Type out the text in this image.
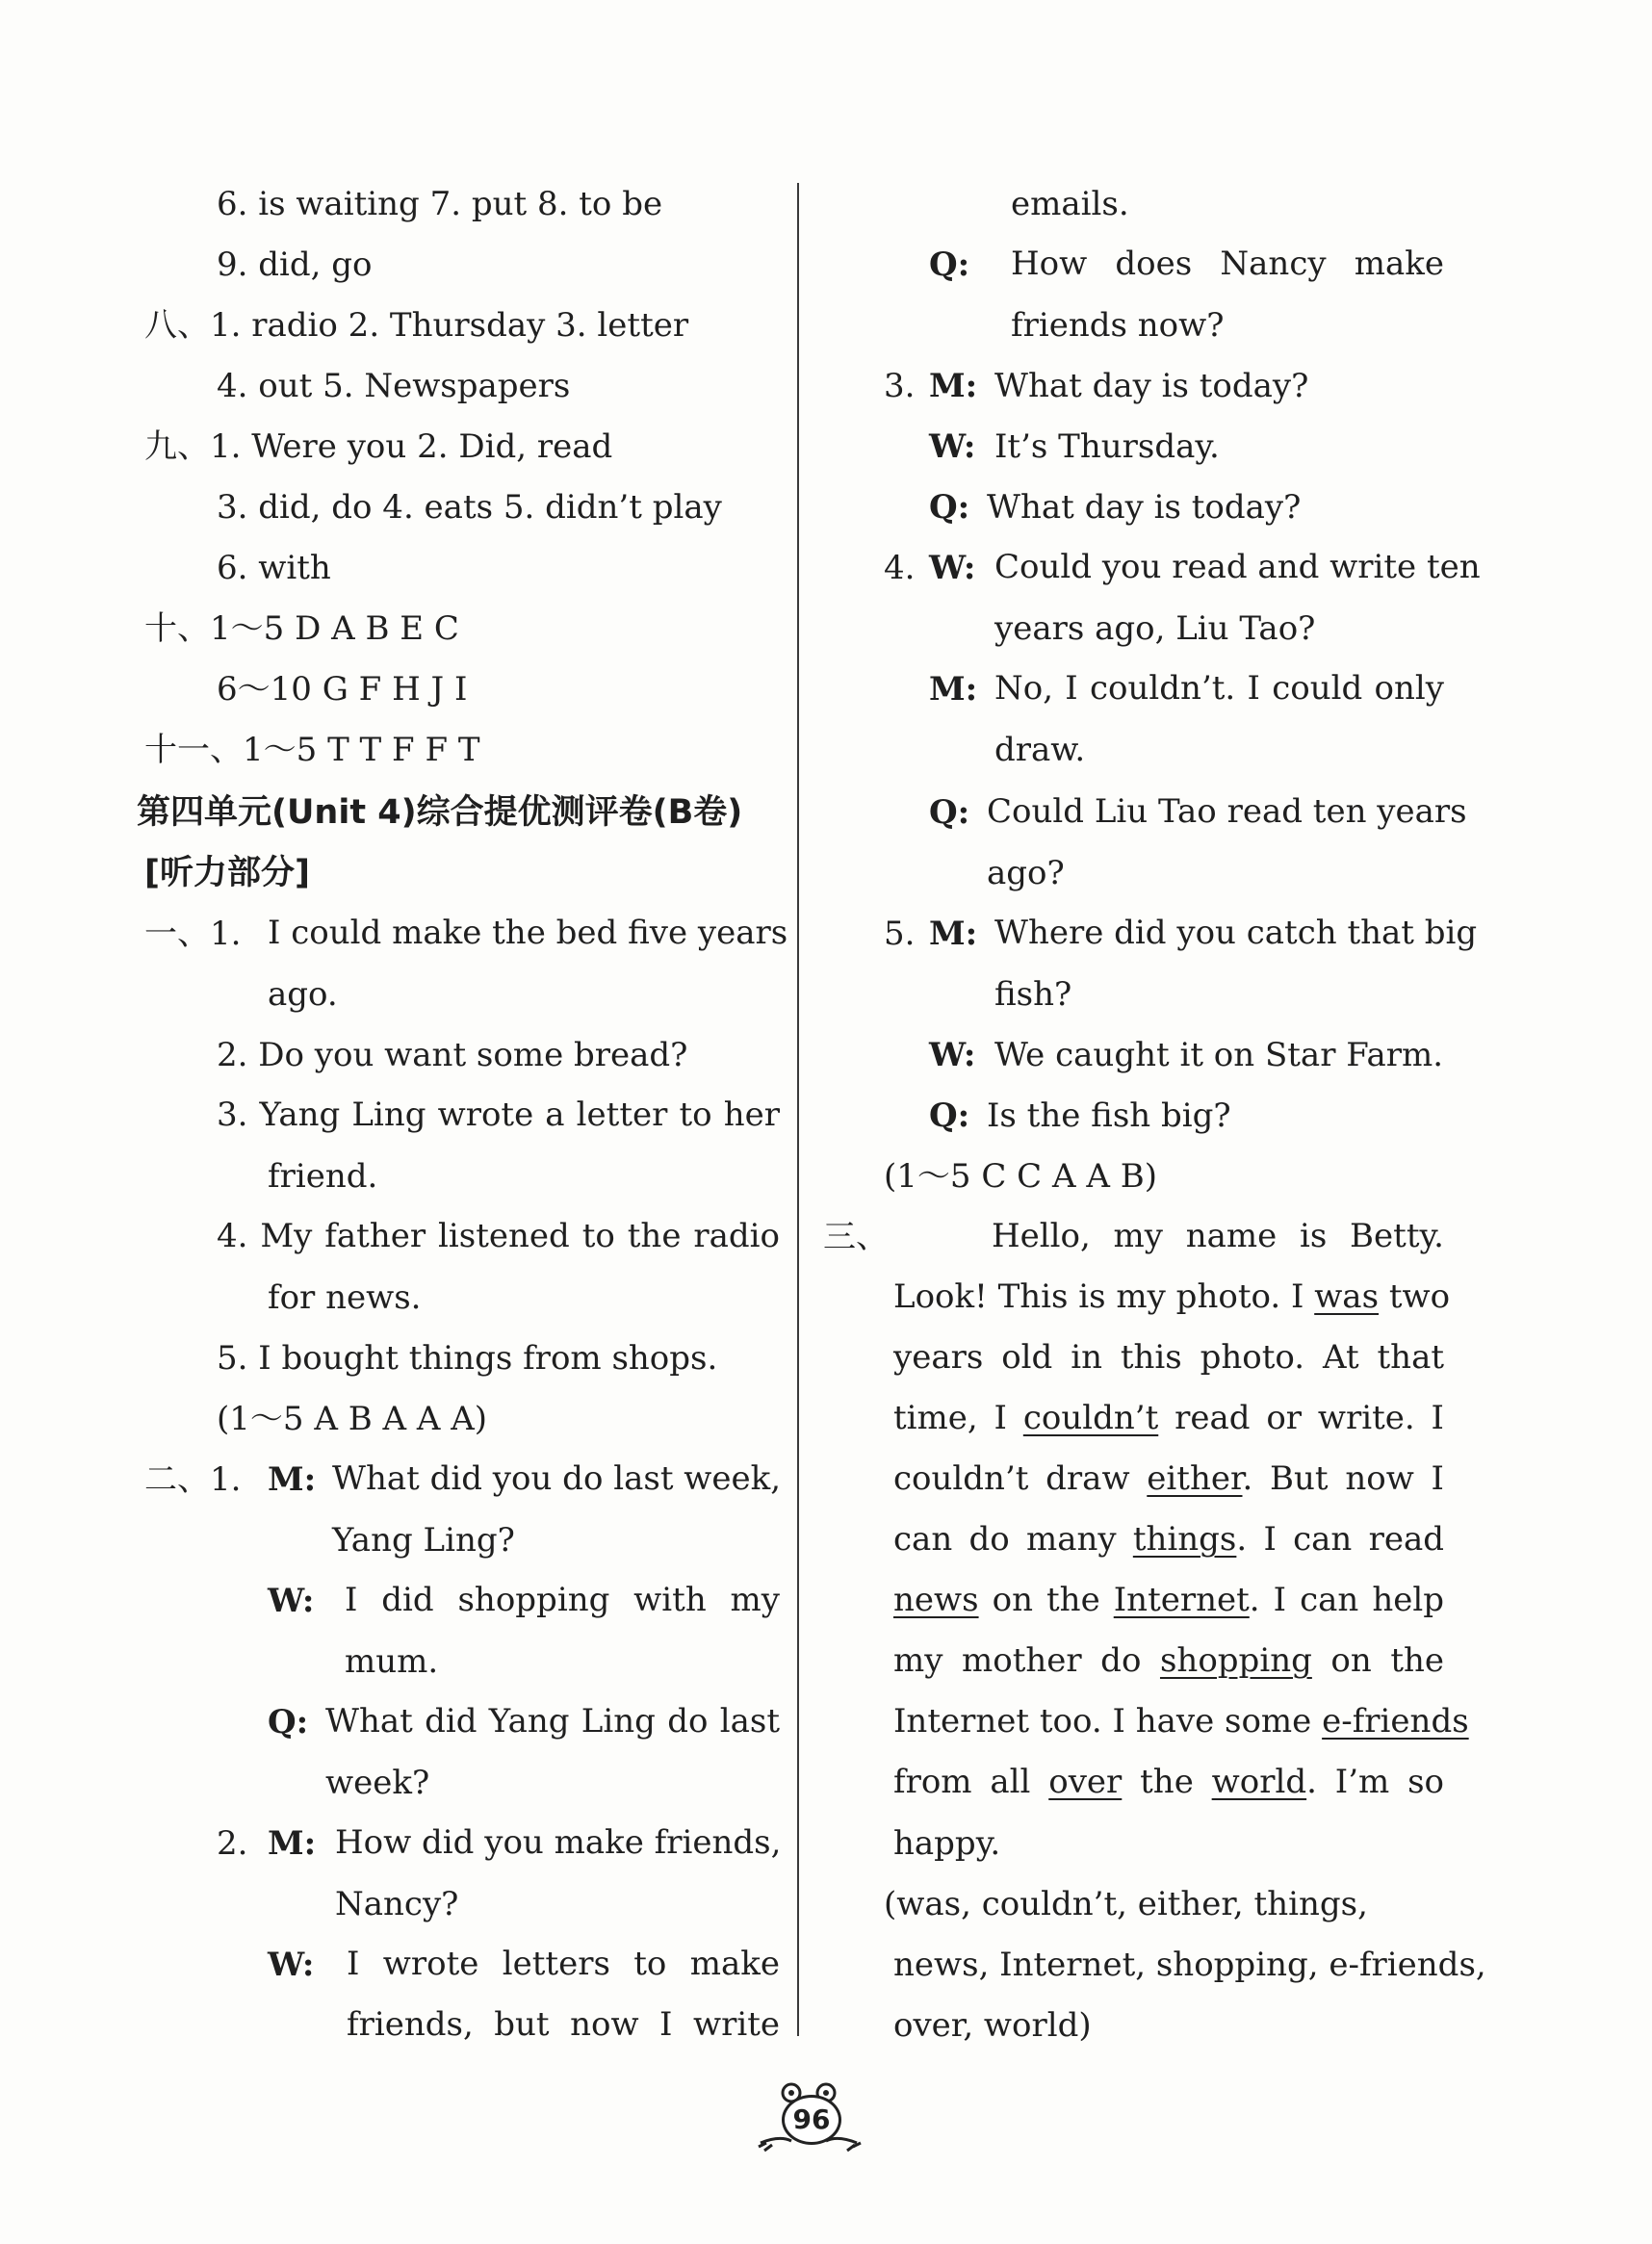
6. is waiting 7. put 8. to be
9. did, go
八、1. radio 2. Thursday 3. letter
4. out 5. Newspapers
九、1. Were you 2. Did, read
3. did, do 4. eats 5. didn’t play
6. with
十、1～5 D A B E C
6～10 G F H J I
十一、1～5 T T F F T
第四单元(Unit 4)综合提优测评卷(B卷)
[听力部分]
一、1. I could make the bed five years
ago.
2. Do you want some bread?
3. Yang Ling wrote a letter to her
friend.
4. My father listened to the radio
for news.
5. I bought things from shops.
(1～5 A B A A A)
二、1. M: What did you do last week,
Yang Ling?
W: I did shopping with my
mum.
Q: What did Yang Ling do last
week?
2. M: How did you make friends,
Nancy?
W: I wrote letters to make
friends, but now I write
emails.
Q: How does Nancy make
friends now?
3. M: What day is today?
W: It’s Thursday.
Q: What day is today?
4. W: Could you read and write ten
years ago, Liu Tao?
M: No, I couldn’t. I could only
draw.
Q: Could Liu Tao read ten years
ago?
5. M: Where did you catch that big
fish?
W: We caught it on Star Farm.
Q: Is the fish big?
(1～5 C C A A B)
三、	Hello, my name is Betty.
Look! This is my photo. I was two
years old in this photo. At that
time, I couldn’t read or write. I
couldn’t draw either. But now I
can do many things. I can read
news on the Internet. I can help
my mother do shopping on the
Internet too. I have some e-friends
from all over the world. I’m so
happy.
(was, couldn’t, either, things,
news, Internet, shopping, e-friends,
over, world)
96
